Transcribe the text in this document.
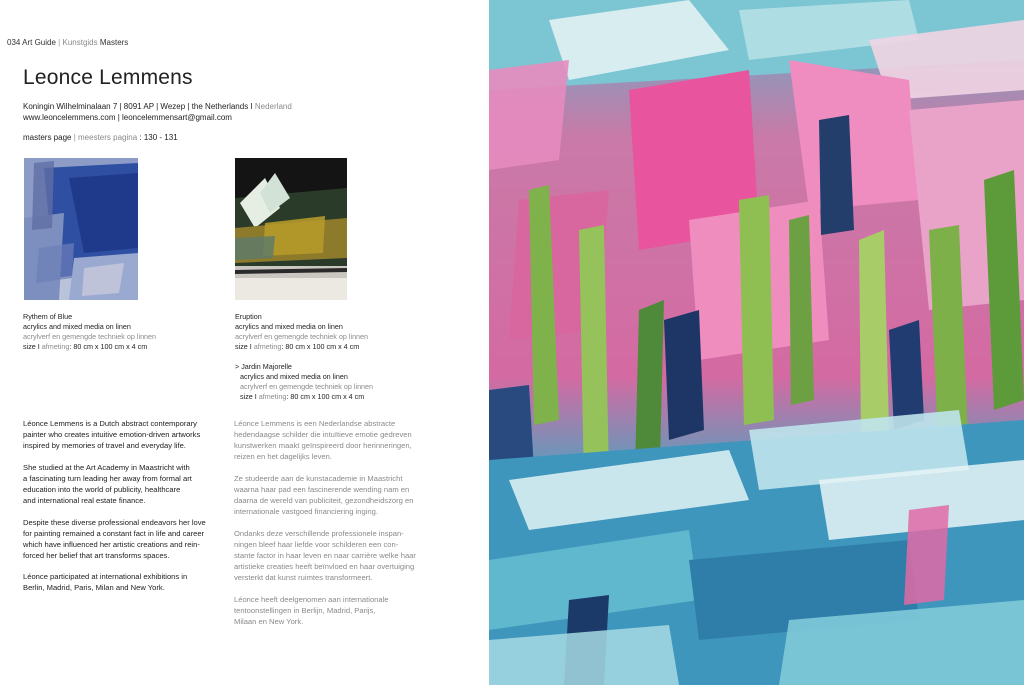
034 Art Guide | Kunstgids Masters
Leonce Lemmens
Koningin Wilhelminalaan 7 | 8091 AP | Wezep | the Netherlands I Nederland
www.leoncelemmens.com | leoncelemmensart@gmail.com
masters page | meesters pagina : 130 - 131
Rythem of Blue
acrylics and mixed media on linen
acrylverf en gemengde techniek op linnen
size I afmeting: 80 cm x 100 cm x 4 cm
Eruption
acrylics and mixed media on linen
acrylverf en gemengde techniek op linnen
size I afmeting: 80 cm x 100 cm x 4 cm
> Jardin Majorelle
acrylics and mixed media on linen
acrylverf en gemengde techniek op linnen
size I afmeting: 80 cm x 100 cm x 4 cm
Léonce Lemmens is a Dutch abstract contemporary
painter who creates intuitive emotion-driven artworks
inspired by memories of travel and everyday life.
She studied at the Art Academy in Maastricht with
a fascinating turn leading her away from formal art
education into the world of publicity, healthcare
and international real estate finance.
Despite these diverse professional endeavors her love
for painting remained a constant fact in life and career
which have influenced her artistic creations and rein-
forced her belief that art transforms spaces.
Léonce participated at international exhibitions in
Berlin, Madrid, Paris, Milan and New York.
Léonce Lemmens is een Nederlandse abstracte
hedendaagse schilder die intuïtieve emotie gedreven
kunstwerken maakt geïnspireerd door herinneringen,
reizen en het dagelijks leven.
Ze studeerde aan de kunstacademie in Maastricht
waarna haar pad een fascinerende wending nam en
daarna de wereld van publiciteit, gezondheidszorg en
internationale vastgoed financiering inging.
Ondanks deze verschillende professionele inspan-
ningen bleef haar liefde voor schilderen een con-
stante factor in haar leven en naar carrière welke haar
artistieke creaties heeft beïnvloed en haar overtuiging
versterkt dat kunst ruimtes transformeert.
Léonce heeft deelgenomen aan internationale
tentoonstellingen in Berlijn, Madrid, Parijs,
Milaan en New York.
